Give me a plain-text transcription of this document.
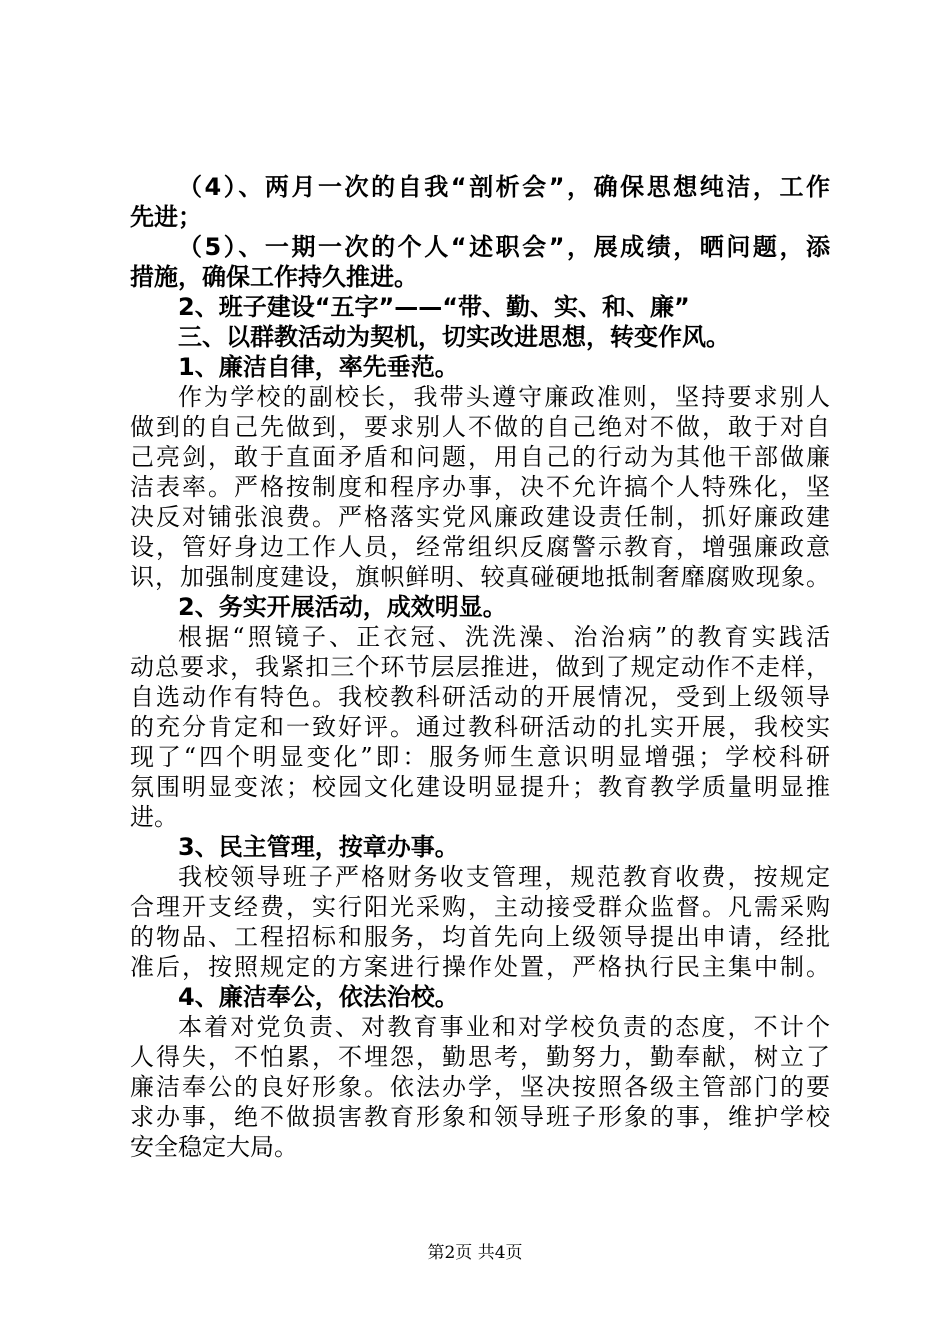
（4）、两月一次的自我“剖析会”，确保思想纯洁，工作

先进；

（5）、一期一次的个人“述职会”，展成绩，晒问题，添

措施，确保工作持久推进。

2、班子建设“五字”——“带、勤、实、和、廉”

三、以群教活动为契机，切实改进思想，转变作风。

1、廉洁自律，率先垂范。

作为学校的副校长，我带头遵守廉政准则，坚持要求别人

做到的自己先做到，要求别人不做的自己绝对不做，敢于对自

己亮剑，敢于直面矛盾和问题，用自己的行动为其他干部做廉

洁表率。严格按制度和程序办事，决不允许搞个人特殊化，坚

决反对铺张浪费。严格落实党风廉政建设责任制，抓好廉政建

设，管好身边工作人员，经常组织反腐警示教育，增强廉政意

识，加强制度建设，旗帜鲜明、较真碰硬地抵制奢靡腐败现象。

2、务实开展活动，成效明显。

根据“照镜子、正衣冠、洗洗澡、治治病”的教育实践活

动总要求，我紧扣三个环节层层推进，做到了规定动作不走样，

自选动作有特色。我校教科研活动的开展情况，受到上级领导

的充分肯定和一致好评。通过教科研活动的扎实开展，我校实

现了“四个明显变化”即：服务师生意识明显增强；学校科研

氛围明显变浓；校园文化建设明显提升；教育教学质量明显推

进。

3、民主管理，按章办事。

我校领导班子严格财务收支管理，规范教育收费，按规定

合理开支经费，实行阳光采购，主动接受群众监督。凡需采购

的物品、工程招标和服务，均首先向上级领导提出申请，经批

准后，按照规定的方案进行操作处置，严格执行民主集中制。

4、廉洁奉公，依法治校。

本着对党负责、对教育事业和对学校负责的态度，不计个

人得失，不怕累，不埋怨，勤思考，勤努力，勤奉献，树立了

廉洁奉公的良好形象。依法办学，坚决按照各级主管部门的要

求办事，绝不做损害教育形象和领导班子形象的事，维护学校

安全稳定大局。

第2页 共4页
